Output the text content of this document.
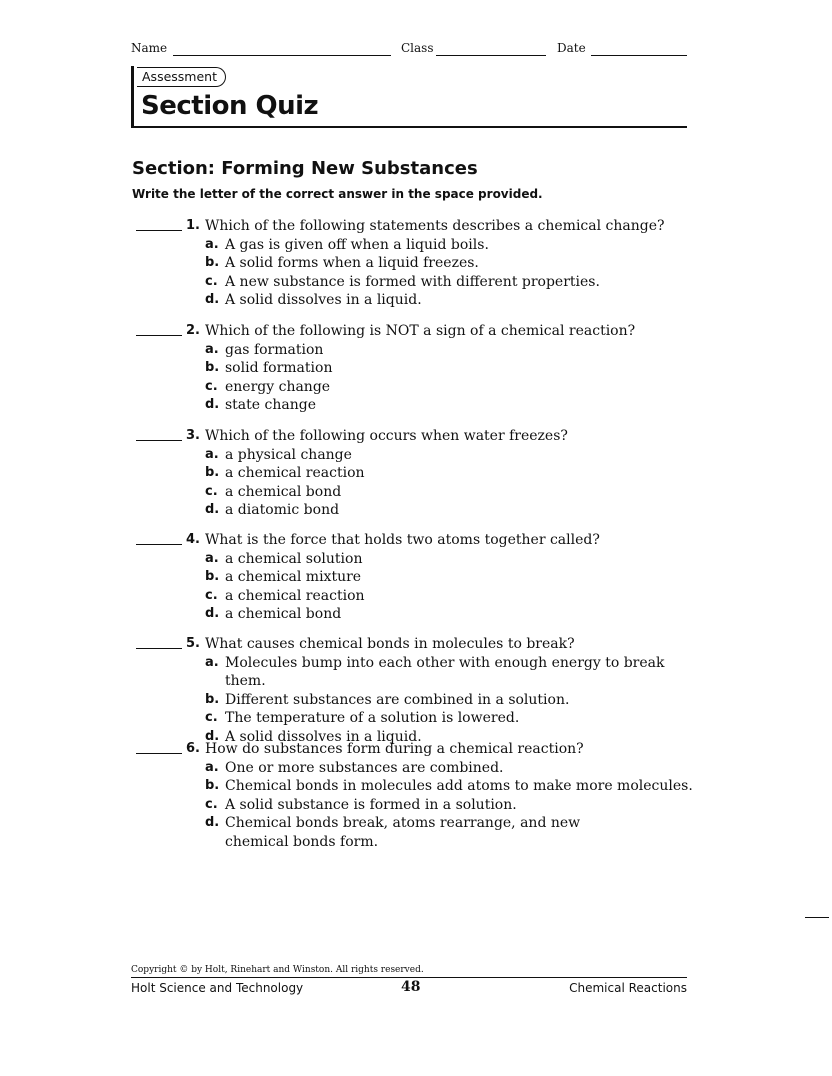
Name	Class	Date
Assessment
Section Quiz
Section: Forming New Substances
Write the letter of the correct answer in the space provided.
1. Which of the following statements describes a chemical change?
a. A gas is given off when a liquid boils.
b. A solid forms when a liquid freezes.
c. A new substance is formed with different properties.
d. A solid dissolves in a liquid.
2. Which of the following is NOT a sign of a chemical reaction?
a. gas formation
b. solid formation
c. energy change
d. state change
3. Which of the following occurs when water freezes?
a. a physical change
b. a chemical reaction
c. a chemical bond
d. a diatomic bond
4. What is the force that holds two atoms together called?
a. a chemical solution
b. a chemical mixture
c. a chemical reaction
d. a chemical bond
5. What causes chemical bonds in molecules to break?
a. Molecules bump into each other with enough energy to break them.
b. Different substances are combined in a solution.
c. The temperature of a solution is lowered.
d. A solid dissolves in a liquid.
6. How do substances form during a chemical reaction?
a. One or more substances are combined.
b. Chemical bonds in molecules add atoms to make more molecules.
c. A solid substance is formed in a solution.
d. Chemical bonds break, atoms rearrange, and new chemical bonds form.
Copyright © by Holt, Rinehart and Winston. All rights reserved.
Holt Science and Technology	48	Chemical Reactions
